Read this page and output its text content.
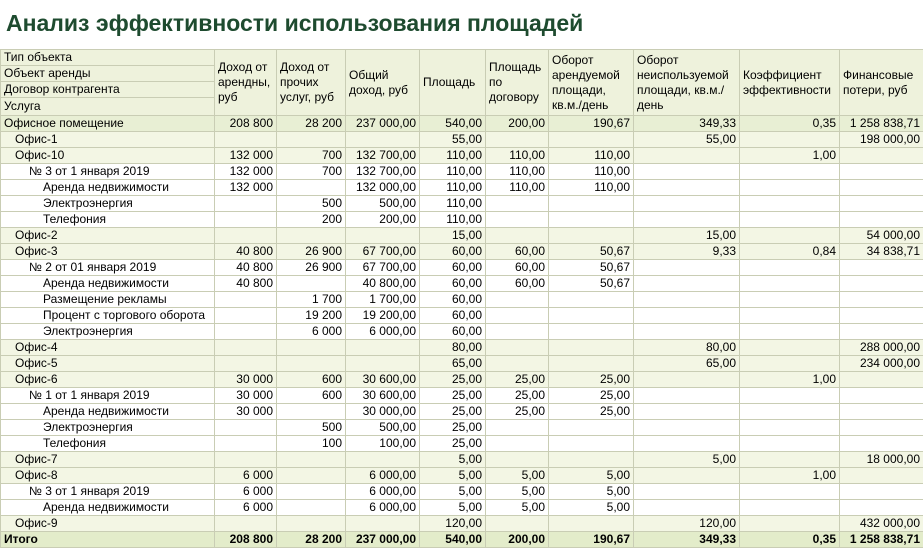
Анализ эффективности использования площадей
Тип объекта	Доход от арендны, руб	Доход от прочих услуг, руб	Общий доход, руб	Площадь	Площадь по договору	Оборот арендуемой площади, кв.м./день	Оборот неиспользуемой площади, кв.м./день	Коэффициент эффективности	Финансовые потери, руб
Объект аренды									
Договор контрагента									
Услуга									
Офисное помещение	208 800	28 200	237 000,00	540,00	200,00	190,67	349,33	0,35	1 258 838,71
Офис-1				55,00			55,00		198 000,00
Офис-10	132 000	700	132 700,00	110,00	110,00	110,00		1,00	
№ 3 от 1 января 2019	132 000	700	132 700,00	110,00	110,00	110,00			
Аренда недвижимости	132 000		132 000,00	110,00	110,00	110,00			
Электроэнергия		500	500,00	110,00					
Телефония		200	200,00	110,00					
Офис-2				15,00			15,00		54 000,00
Офис-3	40 800	26 900	67 700,00	60,00	60,00	50,67	9,33	0,84	34 838,71
№ 2 от 01 января 2019	40 800	26 900	67 700,00	60,00	60,00	50,67			
Аренда недвижимости	40 800		40 800,00	60,00	60,00	50,67			
Размещение рекламы		1 700	1 700,00	60,00					
Процент с торгового оборота		19 200	19 200,00	60,00					
Электроэнергия		6 000	6 000,00	60,00					
Офис-4				80,00			80,00		288 000,00
Офис-5				65,00			65,00		234 000,00
Офис-6	30 000	600	30 600,00	25,00	25,00	25,00		1,00	
№ 1 от 1 января 2019	30 000	600	30 600,00	25,00	25,00	25,00			
Аренда недвижимости	30 000		30 000,00	25,00	25,00	25,00			
Электроэнергия		500	500,00	25,00					
Телефония		100	100,00	25,00					
Офис-7				5,00			5,00		18 000,00
Офис-8	6 000		6 000,00	5,00	5,00	5,00		1,00	
№ 3 от 1 января 2019	6 000		6 000,00	5,00	5,00	5,00			
Аренда недвижимости	6 000		6 000,00	5,00	5,00	5,00			
Офис-9				120,00			120,00		432 000,00
Итого	208 800	28 200	237 000,00	540,00	200,00	190,67	349,33	0,35	1 258 838,71
